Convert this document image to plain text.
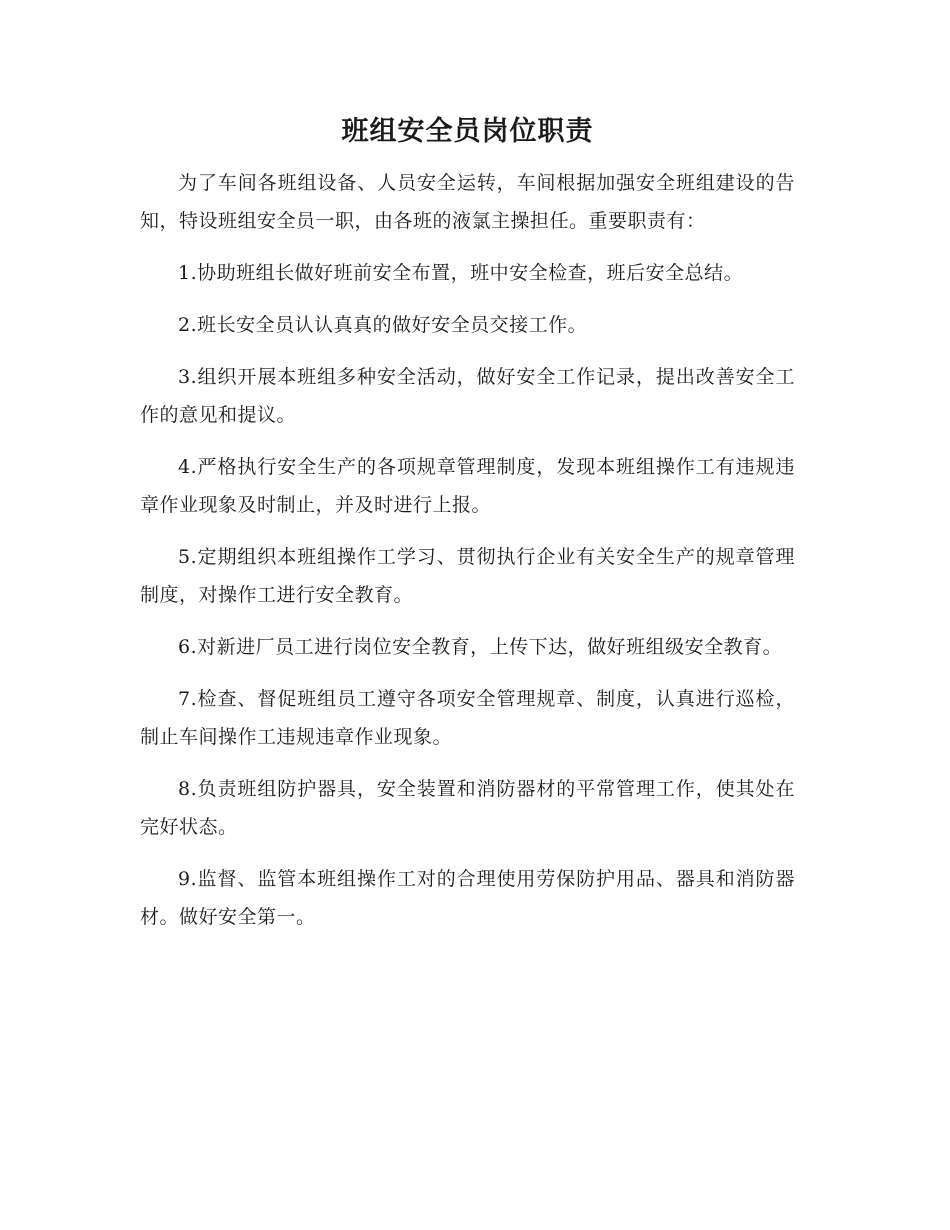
班组安全员岗位职责

为了车间各班组设备、人员安全运转，车间根据加强安全班组建设的告知，特设班组安全员一职，由各班的液氯主操担任。重要职责有：

1.协助班组长做好班前安全布置，班中安全检查，班后安全总结。

2.班长安全员认认真真的做好安全员交接工作。

3.组织开展本班组多种安全活动，做好安全工作记录，提出改善安全工作的意见和提议。

4.严格执行安全生产的各项规章管理制度，发现本班组操作工有违规违章作业现象及时制止，并及时进行上报。

5.定期组织本班组操作工学习、贯彻执行企业有关安全生产的规章管理制度，对操作工进行安全教育。

6.对新进厂员工进行岗位安全教育，上传下达，做好班组级安全教育。

7.检查、督促班组员工遵守各项安全管理规章、制度，认真进行巡检，制止车间操作工违规违章作业现象。

8.负责班组防护器具，安全装置和消防器材的平常管理工作，使其处在完好状态。

9.监督、监管本班组操作工对的合理使用劳保防护用品、器具和消防器材。做好安全第一。
